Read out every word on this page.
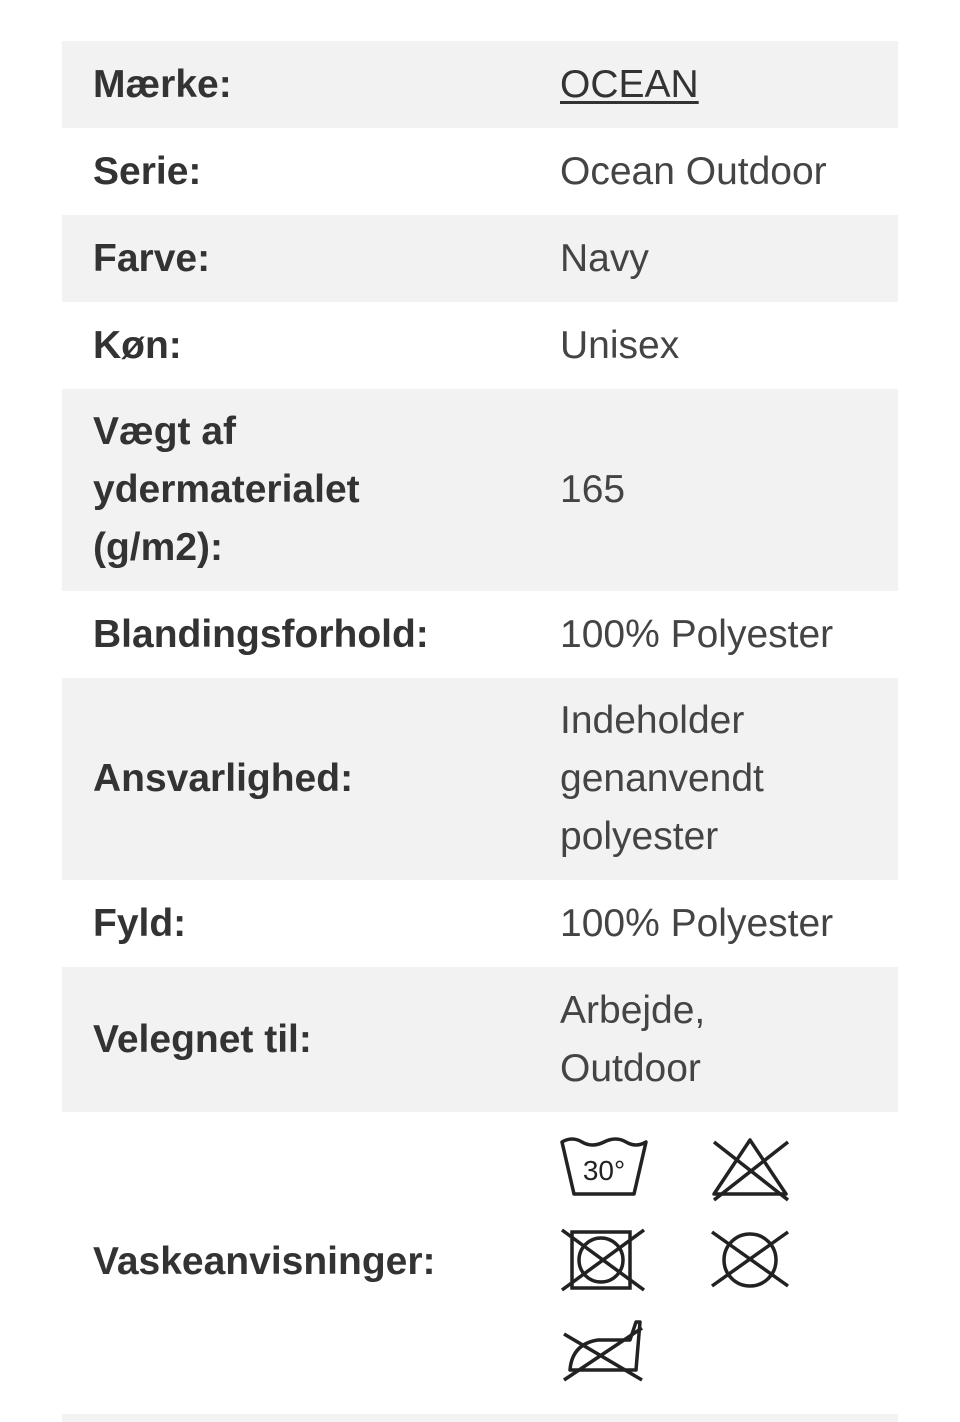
Mærke:	OCEAN
Serie:	Ocean Outdoor
Farve:	Navy
Køn:	Unisex
Vægt af ydermaterialet (g/m2):
165
Blandingsforhold:	100% Polyester
Ansvarlighed:
Indeholder genanvendt polyester
Fyld:	100% Polyester
Velegnet til:
Arbejde, Outdoor
Vaskeanvisninger:
30°
